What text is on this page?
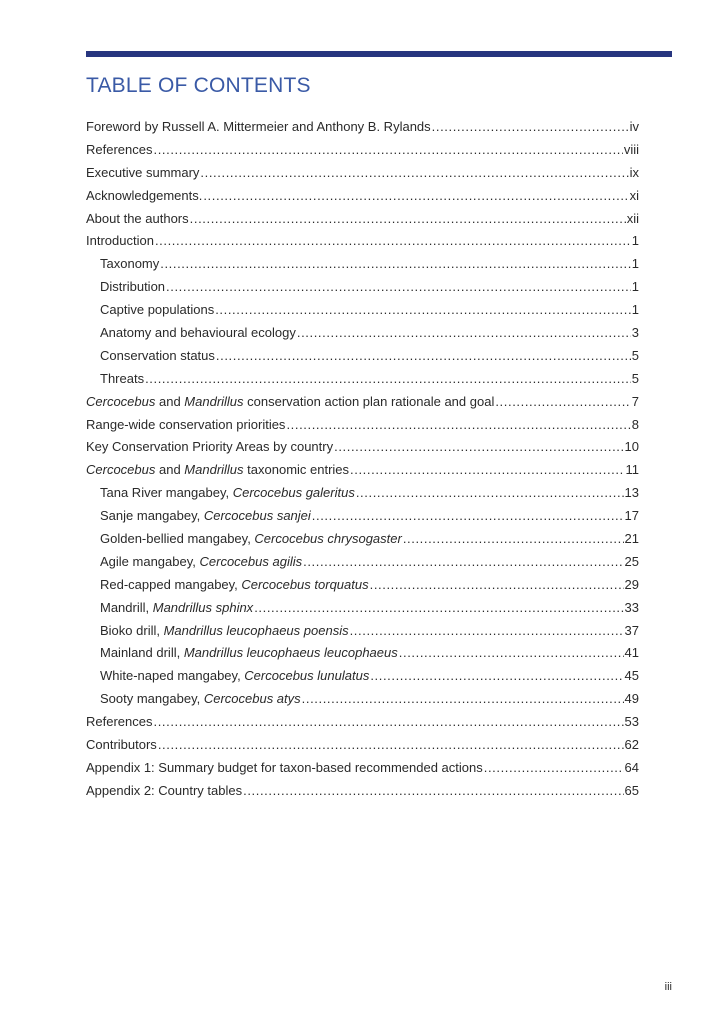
TABLE OF CONTENTS
Foreword by Russell A. Mittermeier and Anthony B. Rylands .....	iv
References .....	viii
Executive summary .....	ix
Acknowledgements. .....	xi
About the authors .....	xii
Introduction .....	1
Taxonomy .....	1
Distribution .....	1
Captive populations .....	1
Anatomy and behavioural ecology .....	3
Conservation status .....	5
Threats .....	5
Cercocebus and Mandrillus conservation action plan rationale and goal .....	7
Range-wide conservation priorities .....	8
Key Conservation Priority Areas by country .....	10
Cercocebus and Mandrillus taxonomic entries .....	11
Tana River mangabey, Cercocebus galeritus .....	13
Sanje mangabey, Cercocebus sanjei .....	17
Golden-bellied mangabey, Cercocebus chrysogaster .....	21
Agile mangabey, Cercocebus agilis .....	25
Red-capped mangabey, Cercocebus torquatus .....	29
Mandrill, Mandrillus sphinx .....	33
Bioko drill, Mandrillus leucophaeus poensis .....	37
Mainland drill, Mandrillus leucophaeus leucophaeus .....	41
White-naped mangabey, Cercocebus lunulatus .....	45
Sooty mangabey, Cercocebus atys .....	49
References .....	53
Contributors .....	62
Appendix 1: Summary budget for taxon-based recommended actions .....	64
Appendix 2: Country tables .....	65
iii
